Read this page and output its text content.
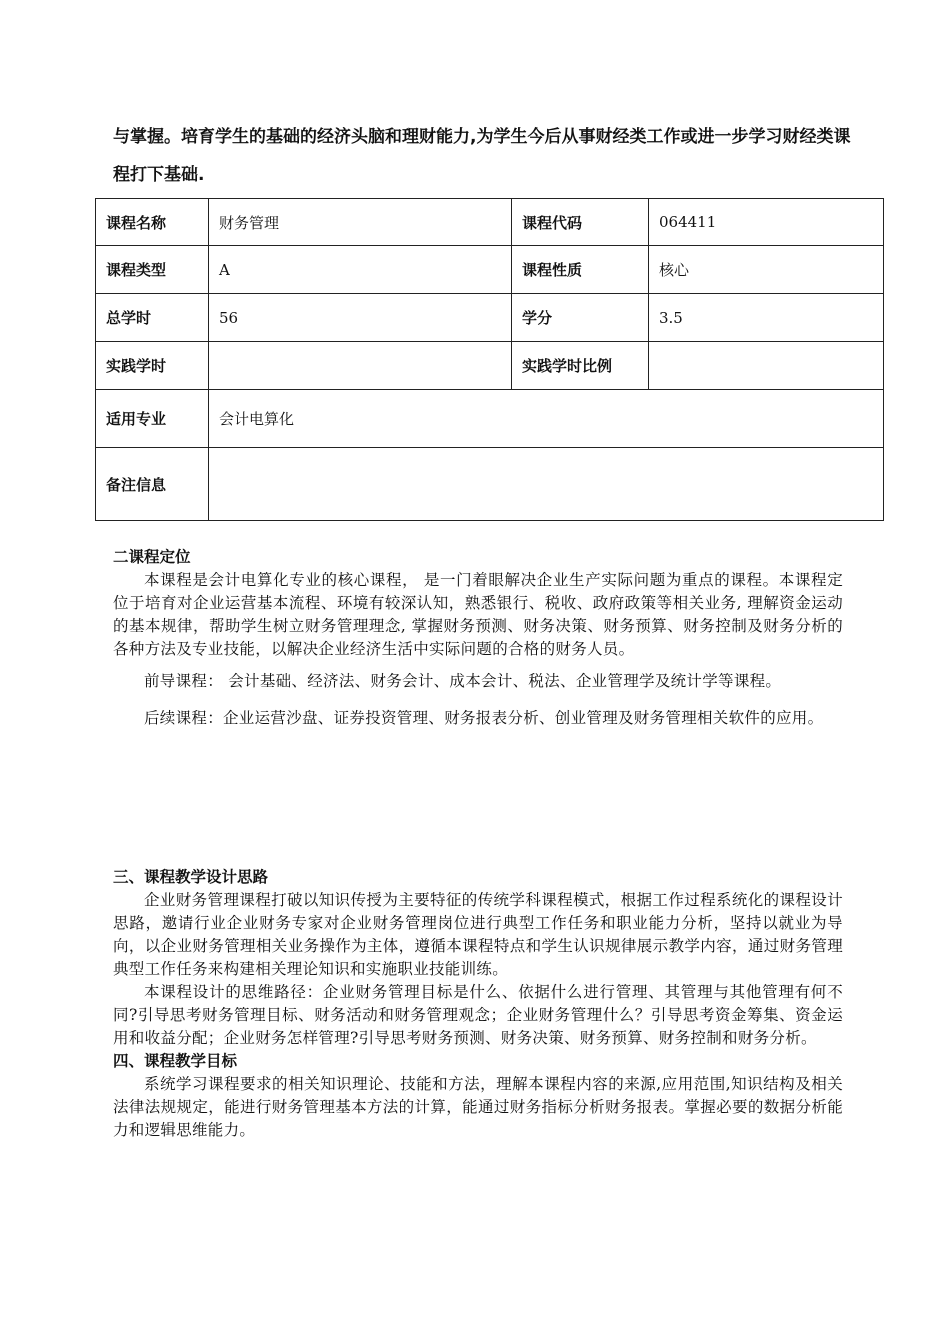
与掌握。培育学生的基础的经济头脑和理财能力,为学生今后从事财经类工作或进一步学习财经类课程打下基础.

课程名称	财务管理	课程代码	064411
课程类型	A	课程性质	核心
总学时	56	学分	3.5
实践学时		实践学时比例	
适用专业	会计电算化		
备注信息			

二课程定位

本课程是会计电算化专业的核心课程， 是一门着眼解决企业生产实际问题为重点的课程。本课程定位于培育对企业运营基本流程、环境有较深认知，熟悉银行、税收、政府政策等相关业务, 理解资金运动的基本规律，帮助学生树立财务管理理念, 掌握财务预测、财务决策、财务预算、财务控制及财务分析的各种方法及专业技能，以解决企业经济生活中实际问题的合格的财务人员。

前导课程： 会计基础、经济法、财务会计、成本会计、税法、企业管理学及统计学等课程。

后续课程：企业运营沙盘、证券投资管理、财务报表分析、创业管理及财务管理相关软件的应用。

三、课程教学设计思路

企业财务管理课程打破以知识传授为主要特征的传统学科课程模式，根据工作过程系统化的课程设计思路，邀请行业企业财务专家对企业财务管理岗位进行典型工作任务和职业能力分析，坚持以就业为导向，以企业财务管理相关业务操作为主体，遵循本课程特点和学生认识规律展示教学内容，通过财务管理典型工作任务来构建相关理论知识和实施职业技能训练。

本课程设计的思维路径：企业财务管理目标是什么、依据什么进行管理、其管理与其他管理有何不同?引导思考财务管理目标、财务活动和财务管理观念；企业财务管理什么？引导思考资金筹集、资金运用和收益分配；企业财务怎样管理?引导思考财务预测、财务决策、财务预算、财务控制和财务分析。

四、课程教学目标

系统学习课程要求的相关知识理论、技能和方法，理解本课程内容的来源,应用范围,知识结构及相关法律法规规定，能进行财务管理基本方法的计算，能通过财务指标分析财务报表。掌握必要的数据分析能力和逻辑思维能力。
